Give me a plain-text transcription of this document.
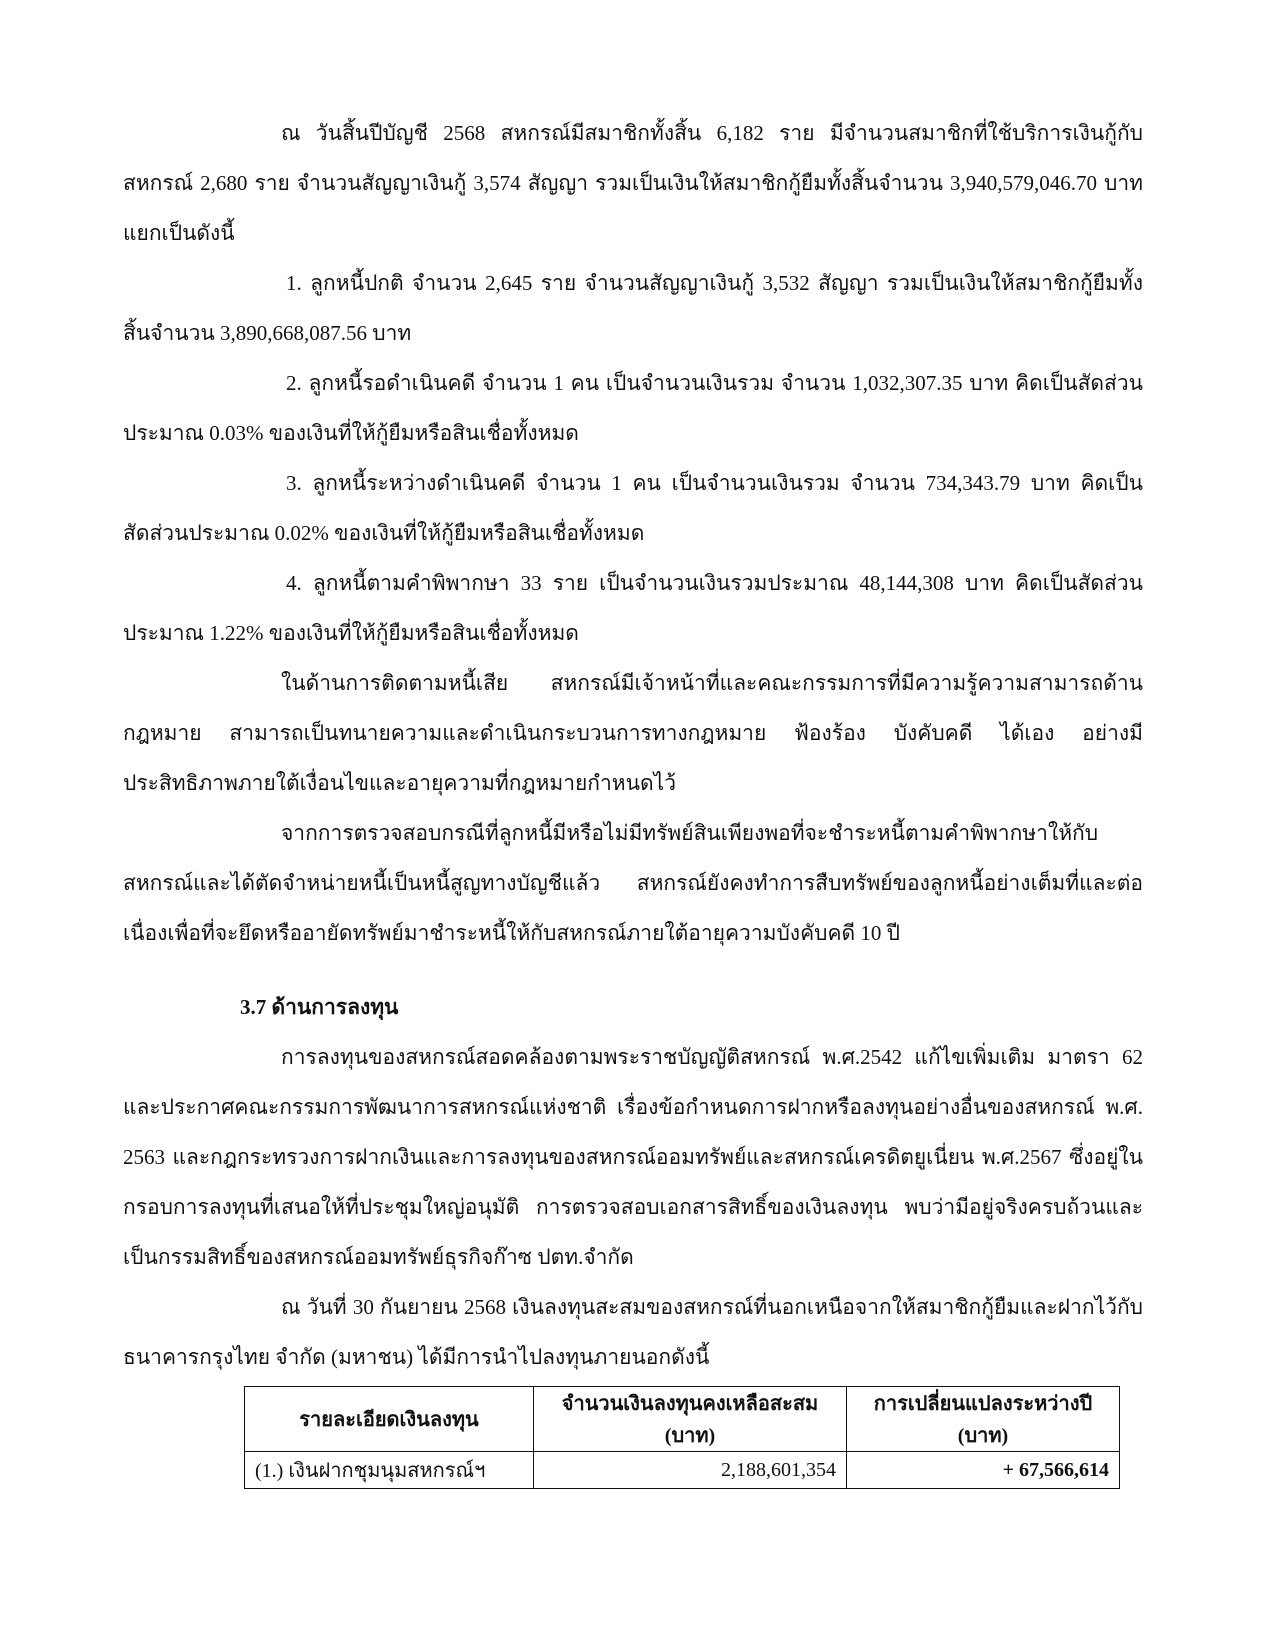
ณ วันสิ้นปีบัญชี 2568 สหกรณ์มีสมาชิกทั้งสิ้น 6,182 ราย มีจำนวนสมาชิกที่ใช้บริการเงินกู้กับสหกรณ์ 2,680 ราย จำนวนสัญญาเงินกู้ 3,574 สัญญา รวมเป็นเงินให้สมาชิกกู้ยืมทั้งสิ้นจำนวน 3,940,579,046.70 บาท แยกเป็นดังนี้

1. ลูกหนี้ปกติ จำนวน 2,645 ราย จำนวนสัญญาเงินกู้ 3,532 สัญญา รวมเป็นเงินให้สมาชิกกู้ยืมทั้งสิ้นจำนวน 3,890,668,087.56 บาท

2. ลูกหนี้รอดำเนินคดี จำนวน 1 คน เป็นจำนวนเงินรวม จำนวน 1,032,307.35 บาท คิดเป็นสัดส่วนประมาณ 0.03% ของเงินที่ให้กู้ยืมหรือสินเชื่อทั้งหมด

3. ลูกหนี้ระหว่างดำเนินคดี จำนวน 1 คน เป็นจำนวนเงินรวม จำนวน 734,343.79 บาท คิดเป็นสัดส่วนประมาณ 0.02% ของเงินที่ให้กู้ยืมหรือสินเชื่อทั้งหมด

4. ลูกหนี้ตามคำพิพากษา 33 ราย เป็นจำนวนเงินรวมประมาณ 48,144,308 บาท คิดเป็นสัดส่วนประมาณ 1.22% ของเงินที่ให้กู้ยืมหรือสินเชื่อทั้งหมด

ในด้านการติดตามหนี้เสีย สหกรณ์มีเจ้าหน้าที่และคณะกรรมการที่มีความรู้ความสามารถด้านกฎหมาย สามารถเป็นทนายความและดำเนินกระบวนการทางกฎหมาย ฟ้องร้อง บังคับคดี ได้เอง อย่างมีประสิทธิภาพภายใต้เงื่อนไขและอายุความที่กฎหมายกำหนดไว้

จากการตรวจสอบกรณีที่ลูกหนี้มีหรือไม่มีทรัพย์สินเพียงพอที่จะชำระหนี้ตามคำพิพากษาให้กับสหกรณ์และได้ตัดจำหน่ายหนี้เป็นหนี้สูญทางบัญชีแล้ว สหกรณ์ยังคงทำการสืบทรัพย์ของลูกหนี้อย่างเต็มที่และต่อเนื่องเพื่อที่จะยึดหรืออายัดทรัพย์มาชำระหนี้ให้กับสหกรณ์ภายใต้อายุความบังคับคดี 10 ปี

3.7 ด้านการลงทุน

การลงทุนของสหกรณ์สอดคล้องตามพระราชบัญญัติสหกรณ์ พ.ศ.2542 แก้ไขเพิ่มเติม มาตรา 62 และประกาศคณะกรรมการพัฒนาการสหกรณ์แห่งชาติ เรื่องข้อกำหนดการฝากหรือลงทุนอย่างอื่นของสหกรณ์ พ.ศ. 2563 และกฎกระทรวงการฝากเงินและการลงทุนของสหกรณ์ออมทรัพย์และสหกรณ์เครดิตยูเนี่ยน พ.ศ.2567 ซึ่งอยู่ในกรอบการลงทุนที่เสนอให้ที่ประชุมใหญ่อนุมัติ การตรวจสอบเอกสารสิทธิ์ของเงินลงทุน พบว่ามีอยู่จริงครบถ้วนและเป็นกรรมสิทธิ์ของสหกรณ์ออมทรัพย์ธุรกิจก๊าซ ปตท.จำกัด

ณ วันที่ 30 กันยายน 2568 เงินลงทุนสะสมของสหกรณ์ที่นอกเหนือจากให้สมาชิกกู้ยืมและฝากไว้กับธนาคารกรุงไทย จำกัด (มหาชน) ได้มีการนำไปลงทุนภายนอกดังนี้

รายละเอียดเงินลงทุน	จำนวนเงินลงทุนคงเหลือสะสม (บาท)	การเปลี่ยนแปลงระหว่างปี (บาท)
(1.) เงินฝากชุมนุมสหกรณ์ฯ	2,188,601,354	+ 67,566,614
